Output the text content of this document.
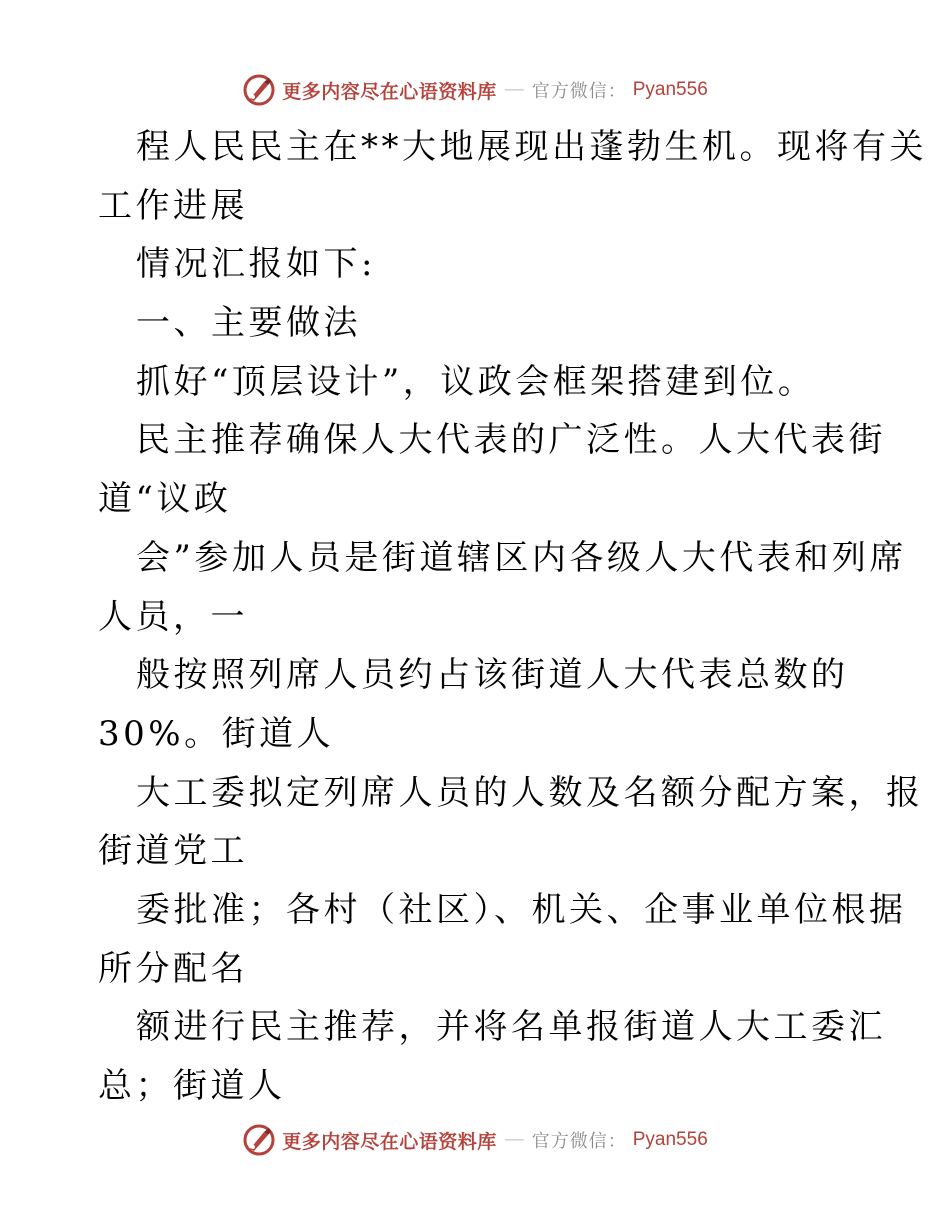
更多内容尽在心语资料库 — 官方微信： Pyan556
程人民民主在**大地展现出蓬勃生机。现将有关
工作进展
情况汇报如下:
一、主要做法
抓好“顶层设计”，议政会框架搭建到位。
民主推荐确保人大代表的广泛性。人大代表街
道“议政
会”参加人员是街道辖区内各级人大代表和列席
人员，一
般按照列席人员约占该街道人大代表总数的
30%。街道人
大工委拟定列席人员的人数及名额分配方案，报
街道党工
委批准；各村（社区）、机关、企事业单位根据
所分配名
额进行民主推荐，并将名单报街道人大工委汇
总；街道人
更多内容尽在心语资料库 — 官方微信： Pyan556
